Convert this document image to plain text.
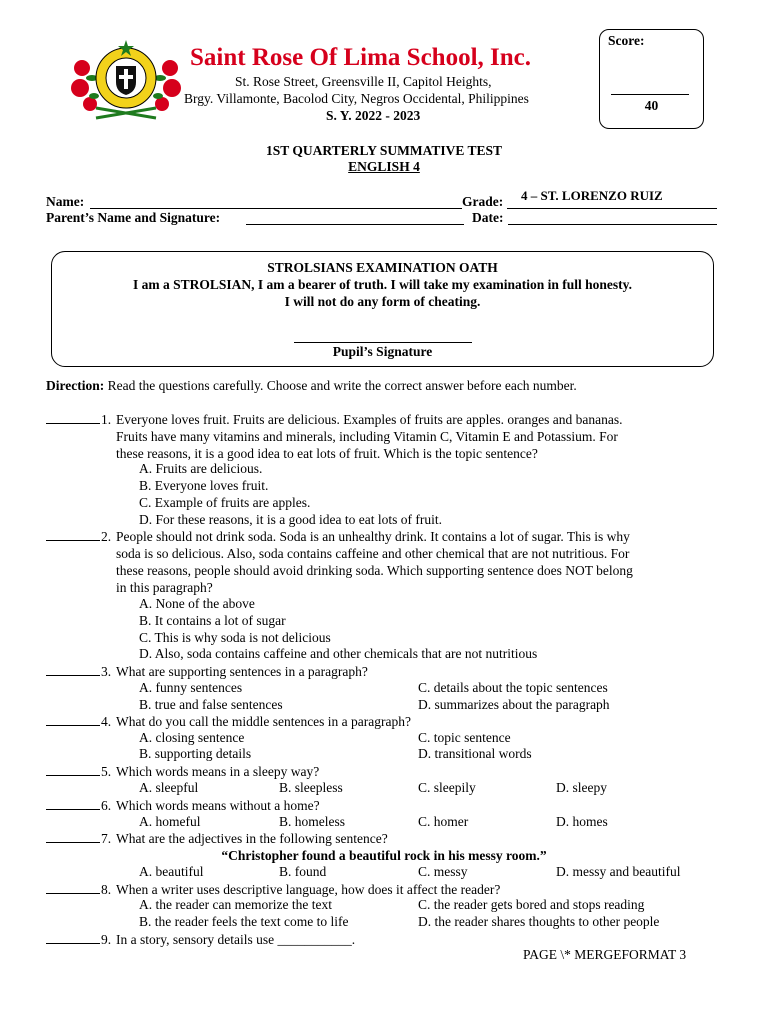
Saint Rose Of Lima School, Inc.
St. Rose Street, Greensville II, Capitol Heights,
Brgy. Villamonte, Bacolod City, Negros Occidental, Philippines
S. Y. 2022 - 2023
Score:
40
1ST QUARTERLY SUMMATIVE TEST
ENGLISH 4
Name:	Grade: 4 – ST. LORENZO RUIZ
Parent’s Name and Signature:	Date:
STROLSIANS EXAMINATION OATH
I am a STROLSIAN, I am a bearer of truth. I will take my examination in full honesty.
I will not do any form of cheating.
Pupil’s Signature
Direction: Read the questions carefully. Choose and write the correct answer before each number.
1. Everyone loves fruit. Fruits are delicious. Examples of fruits are apples. oranges and bananas.
Fruits have many vitamins and minerals, including Vitamin C, Vitamin E and Potassium. For
these reasons, it is a good idea to eat lots of fruit. Which is the topic sentence?
A. Fruits are delicious.
B. Everyone loves fruit.
C. Example of fruits are apples.
D. For these reasons, it is a good idea to eat lots of fruit.
2. People should not drink soda. Soda is an unhealthy drink. It contains a lot of sugar. This is why
soda is so delicious. Also, soda contains caffeine and other chemical that are not nutritious. For
these reasons, people should avoid drinking soda. Which supporting sentence does NOT belong
in this paragraph?
A. None of the above
B. It contains a lot of sugar
C. This is why soda is not delicious
D. Also, soda contains caffeine and other chemicals that are not nutritious
3. What are supporting sentences in a paragraph?
A. funny sentences	C. details about the topic sentences
B. true and false sentences	D. summarizes about the paragraph
4. What do you call the middle sentences in a paragraph?
A. closing sentence	C. topic sentence
B. supporting details	D. transitional words
5. Which words means in a sleepy way?
A. sleepful	B. sleepless	C. sleepily	D. sleepy
6. Which words means without a home?
A. homeful	B. homeless	C. homer	D. homes
7. What are the adjectives in the following sentence?
“Christopher found a beautiful rock in his messy room.”
A. beautiful	B. found	C. messy	D. messy and beautiful
8. When a writer uses descriptive language, how does it affect the reader?
A. the reader can memorize the text	C. the reader gets bored and stops reading
B. the reader feels the text come to life	D. the reader shares thoughts to other people
9. In a story, sensory details use ___________.
PAGE \* MERGEFORMAT 3
